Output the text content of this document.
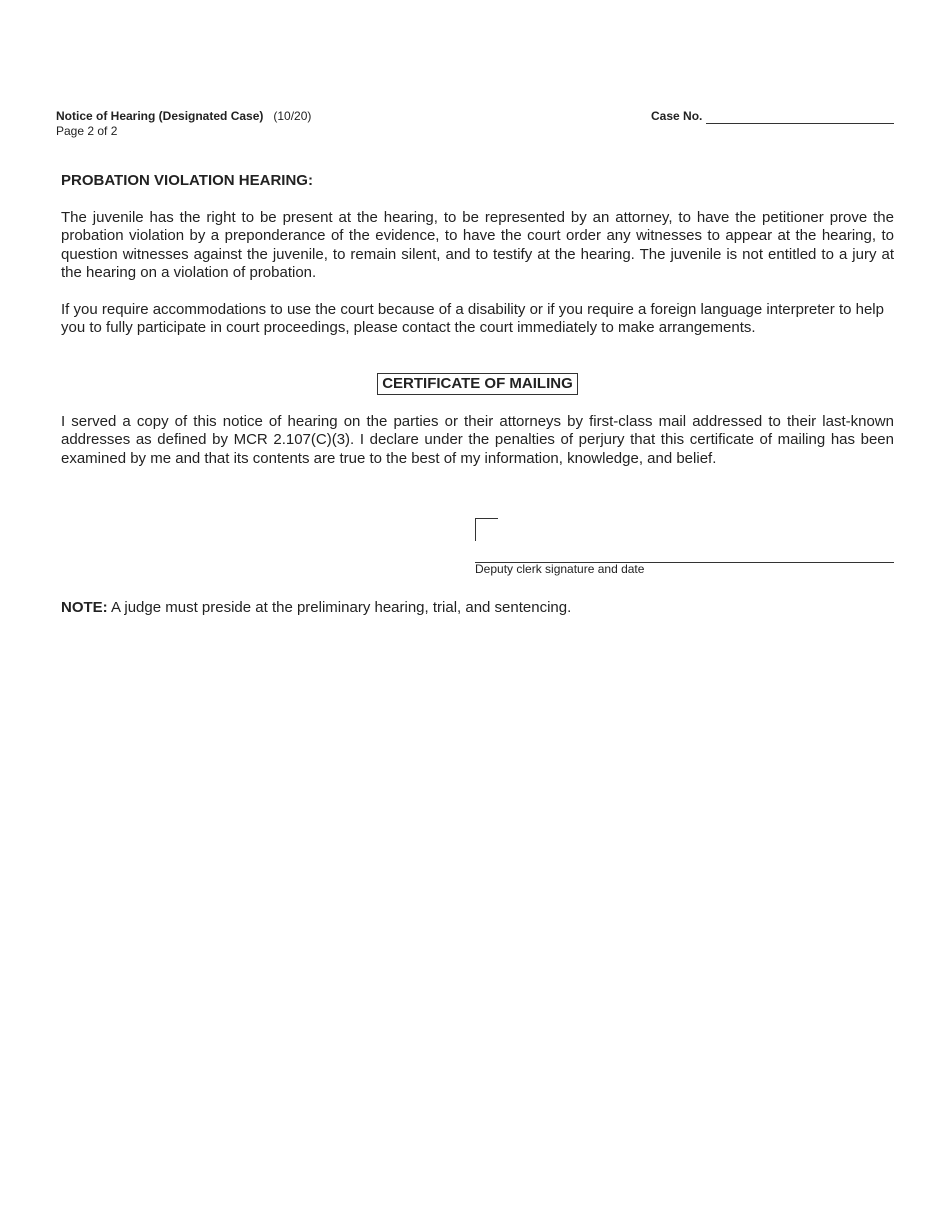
Notice of Hearing (Designated Case) (10/20)
Page 2 of 2
Case No.

PROBATION VIOLATION HEARING:

The juvenile has the right to be present at the hearing, to be represented by an attorney, to have the petitioner prove the probation violation by a preponderance of the evidence, to have the court order any witnesses to appear at the hearing, to question witnesses against the juvenile, to remain silent, and to testify at the hearing. The juvenile is not entitled to a jury at the hearing on a violation of probation.

If you require accommodations to use the court because of a disability or if you require a foreign language interpreter to help you to fully participate in court proceedings, please contact the court immediately to make arrangements.

CERTIFICATE OF MAILING

I served a copy of this notice of hearing on the parties or their attorneys by first-class mail addressed to their last-known addresses as defined by MCR 2.107(C)(3). I declare under the penalties of perjury that this certificate of mailing has been examined by me and that its contents are true to the best of my information, knowledge, and belief.

Deputy clerk signature and date
NOTE: A judge must preside at the preliminary hearing, trial, and sentencing.
